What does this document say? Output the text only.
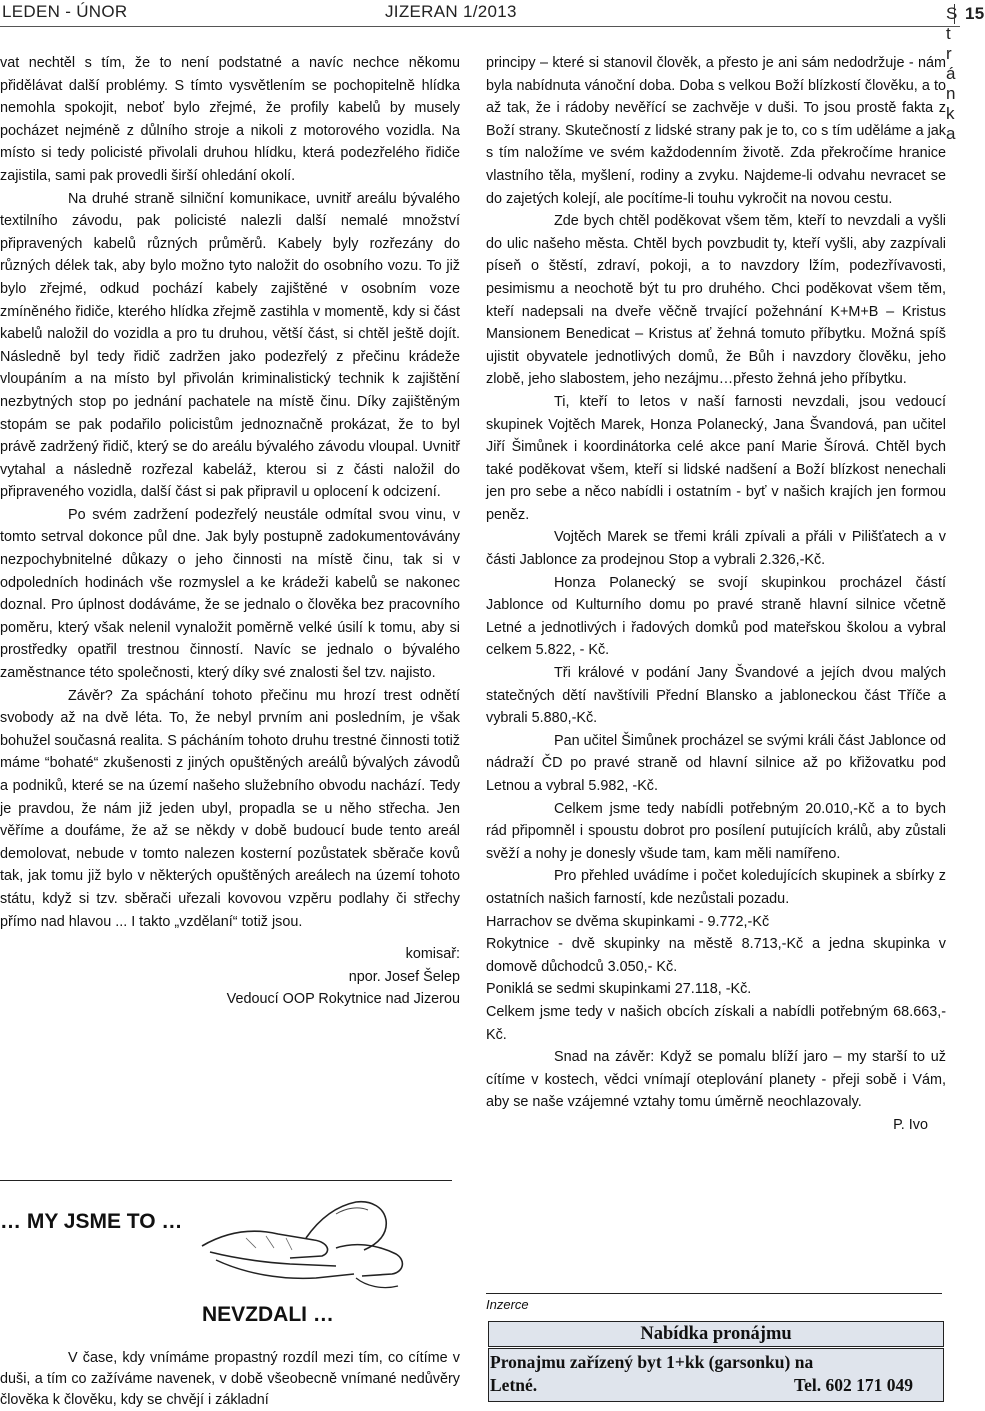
LEDEN - ÚNOR	JIZERAN 1/2013	S t r á n k a
15

vat nechtěl s tím, že to není podstatné a navíc nechce někomu přidělávat další problémy. S tímto vysvětlením se pochopitelně hlídka nemohla spokojit, neboť bylo zřejmé, že profily kabelů by musely pocházet nejméně z důlního stroje a nikoli z motorového vozidla. Na místo si tedy policisté přivolali druhou hlídku, která podezřelého řidiče zajistila, sami pak provedli širší ohledání okolí.

Na druhé straně silniční komunikace, uvnitř areálu bývalého textilního závodu, pak policisté nalezli další nemalé množství připravených kabelů různých průměrů. Kabely byly rozřezány do různých délek tak, aby bylo možno tyto naložit do osobního vozu. To již bylo zřejmé, odkud pochází kabely zajištěné v osobním voze zmíněného řidiče, kterého hlídka zřejmě zastihla v momentě, kdy si část kabelů naložil do vozidla a pro tu druhou, větší část, si chtěl ještě dojít. Následně byl tedy řidič zadržen jako podezřelý z přečinu krádeže vloupáním a na místo byl přivolán kriminalistický technik k zajištění nezbytných stop po jednání pachatele na místě činu. Díky zajištěným stopám se pak podařilo policistům jednoznačně prokázat, že to byl právě zadržený řidič, který se do areálu bývalého závodu vloupal. Uvnitř vytahal a následně rozřezal kabeláž, kterou si z části naložil do připraveného vozidla, další část si pak připravil u oplocení k odcizení.

Po svém zadržení podezřelý neustále odmítal svou vinu, v tomto setrval dokonce půl dne. Jak byly postupně zadokumentovávány nezpochybnitelné důkazy o jeho činnosti na místě činu, tak si v odpoledních hodinách vše rozmyslel a ke krádeži kabelů se nakonec doznal. Pro úplnost dodáváme, že se jednalo o člověka bez pracovního poměru, který však nelenil vynaložit poměrně velké úsilí k tomu, aby si prostředky opatřil trestnou činností. Navíc se jednalo o bývalého zaměstnance této společnosti, který díky své znalosti šel tzv. najisto.

Závěr? Za spáchání tohoto přečinu mu hrozí trest odnětí svobody až na dvě léta. To, že nebyl prvním ani posledním, je však bohužel současná realita. S pácháním tohoto druhu trestné činnosti totiž máme “bohaté“ zkušenosti z jiných opuštěných areálů bývalých závodů a podniků, které se na území našeho služebního obvodu nachází. Tedy je pravdou, že nám již jeden ubyl, propadla se u něho střecha. Jen věříme a doufáme, že až se někdy v době budoucí bude tento areál demolovat, nebude v tomto nalezen kosterní pozůstatek sběrače kovů tak, jak tomu již bylo v některých opuštěných areálech na území tohoto státu, když si tzv. sběrači uřezali kovovou vzpěru podlahy či střechy přímo nad hlavou ... I takto „vzdělaní“ totiž jsou.

komisař:

npor. Josef Šelep

Vedoucí OOP Rokytnice nad Jizerou

… MY JSME TO …
NEVZDALI …

V čase, kdy vnímáme propastný rozdíl mezi tím, co cítíme v duši, a tím co zažíváme navenek, v době všeobecně vnímané nedůvěry člověka k člověku, kdy se chvějí i základní

principy – které si stanovil člověk, a přesto je ani sám nedodržuje - nám byla nabídnuta vánoční doba. Doba s velkou Boží blízkostí člověku, a to až tak, že i rádoby nevěřící se zachvěje v duši. To jsou prostě fakta z Boží strany. Skutečností z lidské strany pak je to, co s tím uděláme a jak s tím naložíme ve svém každodenním životě. Zda překročíme hranice vlastního těla, myšlení, rodiny a zvyku. Najdeme-li odvahu nevracet se do zajetých kolejí, ale pocítíme-li touhu vykročit na novou cestu.

Zde bych chtěl poděkovat všem těm, kteří to nevzdali a vyšli do ulic našeho města. Chtěl bych povzbudit ty, kteří vyšli, aby zazpívali píseň o štěstí, zdraví, pokoji, a to navzdory lžím, podezřívavosti, pesimismu a neochotě být tu pro druhého. Chci poděkovat všem těm, kteří nadepsali na dveře věčně trvající požehnání K+M+B – Kristus Mansionem Benedicat – Kristus ať žehná tomuto příbytku. Možná spíš ujistit obyvatele jednotlivých domů, že Bůh i navzdory člověku, jeho zlobě, jeho slabostem, jeho nezájmu…přesto žehná jeho příbytku.

Ti, kteří to letos v naší farnosti nevzdali, jsou vedoucí skupinek Vojtěch Marek, Honza Polanecký, Jana Švandová, pan učitel Jiří Šimůnek i koordinátorka celé akce paní Marie Šírová. Chtěl bych také poděkovat všem, kteří si lidské nadšení a Boží blízkost nenechali jen pro sebe a něco nabídli i ostatním - byť v našich krajích jen formou peněz.

Vojtěch Marek se třemi králi zpívali a přáli v Pilišťatech a v části Jablonce za prodejnou Stop a vybrali 2.326,-Kč.

Honza Polanecký se svojí skupinkou procházel částí Jablonce od Kulturního domu po pravé straně hlavní silnice včetně Letné a jednotlivých i řadových domků pod mateřskou školou a vybral celkem 5.822, - Kč.

Tři králové v podání Jany Švandové a jejích dvou malých statečných dětí navštívili Přední Blansko a jabloneckou část Tříče a vybrali 5.880,-Kč.

Pan učitel Šimůnek procházel se svými králi část Jablonce od nádraží ČD po pravé straně od hlavní silnice až po křižovatku pod Letnou a vybral 5.982, -Kč.

Celkem jsme tedy nabídli potřebným 20.010,-Kč a to bych rád připomněl i spoustu dobrot pro posílení putujících králů, aby zůstali svěží a nohy je donesly všude tam, kam měli namířeno.

Pro přehled uvádíme i počet koledujících skupinek a sbírky z ostatních našich farností, kde nezůstali pozadu.

Harrachov se dvěma skupinkami - 9.772,-Kč

Rokytnice - dvě skupinky na městě 8.713,-Kč a jedna skupinka v domově důchodců 3.050,- Kč.

Poniklá se sedmi skupinkami 27.118, -Kč.

Celkem jsme tedy v našich obcích získali a nabídli potřebným 68.663,-Kč.

Snad na závěr: Když se pomalu blíží jaro – my starší to už cítíme v kostech, vědci vnímají oteplování planety - přeji sobě i Vám, aby se naše vzájemné vztahy tomu úměrně neochlazovaly.

P. Ivo

Inzerce
Nabídka pronájmu
Pronajmu zařízený byt 1+kk (garsonku) na
Letné.	Tel. 602 171 049
